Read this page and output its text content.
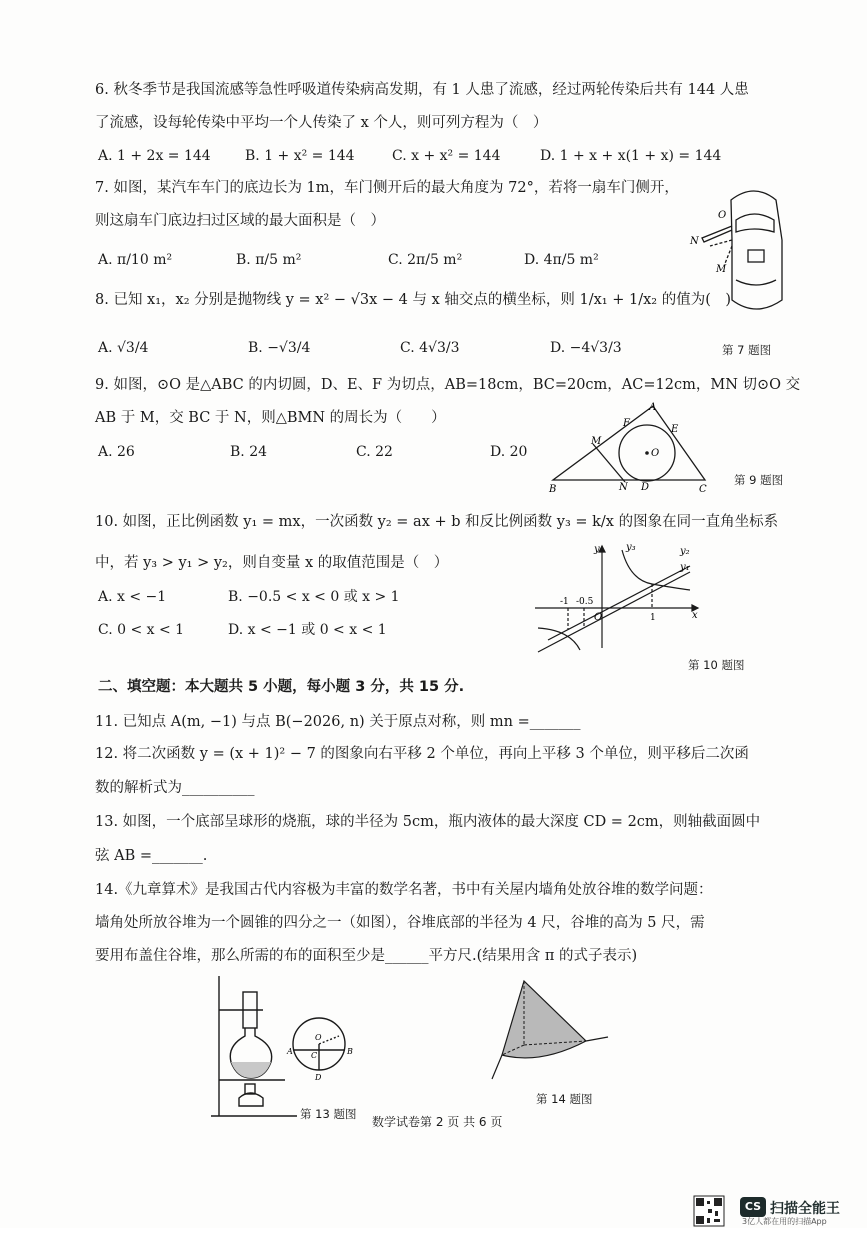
6. 秋冬季节是我国流感等急性呼吸道传染病高发期，有 1 人患了流感，经过两轮传染后共有 144 人患
了流感，设每轮传染中平均一个人传染了 x 个人，则可列方程为（　）
A. 1 + 2x = 144 B. 1 + x² = 144	C. x + x² = 144	D. 1 + x + x(1 + x) = 144
7. 如图，某汽车车门的底边长为 1m，车门侧开后的最大角度为 72°，若将一扇车门侧开，
则这扇车门底边扫过区域的最大面积是（　）
A. π/10 m²	B. π/5 m²	C. 2π/5 m²	D. 4π/5 m²
O
N
M
第 7 题图
8. 已知 x₁，x₂ 分别是抛物线 y = x² − √3x − 4 与 x 轴交点的横坐标，则 1/x₁ + 1/x₂ 的值为(　)
A. √3/4	B. −√3/4	C. 4√3/3	D. −4√3/3
9. 如图，⊙O 是△ABC 的内切圆，D、E、F 为切点，AB=18cm，BC=20cm，AC=12cm，MN 切⊙O 交
AB 于 M，交 BC 于 N，则△BMN 的周长为（　　）
A. 26	B. 24	C. 22	D. 20
A
F
E
M
O
B	N D	C
第 9 题图
10. 如图，正比例函数 y₁ = mx，一次函数 y₂ = ax + b 和反比例函数 y₃ = k/x 的图象在同一直角坐标系
中，若 y₃ > y₁ > y₂，则自变量 x 的取值范围是（　）
A. x < −1	B. −0.5 < x < 0 或 x > 1
C. 0 < x < 1	D. x < −1 或 0 < x < 1
y	y₃	y₂
y₁
-1 -0.5
O	1	x
第 10 题图
二、填空题：本大题共 5 小题，每小题 3 分，共 15 分.
11. 已知点 A(m, −1) 与点 B(−2026, n) 关于原点对称，则 mn =_______
12. 将二次函数 y = (x + 1)² − 7 的图象向右平移 2 个单位，再向上平移 3 个单位，则平移后二次函
数的解析式为__________
13. 如图，一个底部呈球形的烧瓶，球的半径为 5cm，瓶内液体的最大深度 CD = 2cm，则轴截面圆中
弦 AB =_______.
14.《九章算术》是我国古代内容极为丰富的数学名著，书中有关屋内墙角处放谷堆的数学问题：
墙角处所放谷堆为一个圆锥的四分之一（如图），谷堆底部的半径为 4 尺，谷堆的高为 5 尺，需
要用布盖住谷堆，那么所需的布的面积至少是______平方尺.(结果用含 π 的式子表示)
O
A C	B
D
第 13 题图
第 14 题图
数学试卷第 2 页 共 6 页
CS 扫描全能王
3亿人都在用的扫描App
